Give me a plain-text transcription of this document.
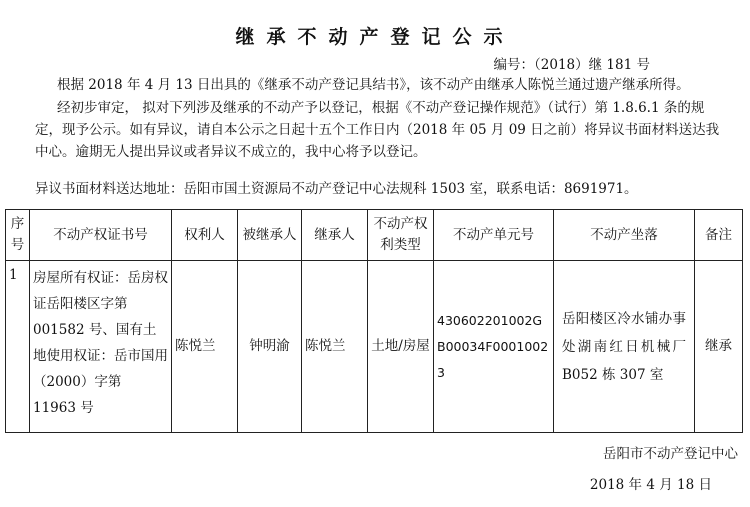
继承不动产登记公示
编号：（2018）继 181 号
根据 2018 年 4 月 13 日出具的《继承不动产登记具结书》，该不动产由继承人陈悦兰通过遗产继承所得。
经初步审定， 拟对下列涉及继承的不动产予以登记，根据《不动产登记操作规范》（试行）第 1.8.6.1 条的规定，现予公示。如有异议，请自本公示之日起十五个工作日内（2018 年 05 月 09 日之前）将异议书面材料送达我中心。逾期无人提出异议或者异议不成立的，我中心将予以登记。
异议书面材料送达地址：岳阳市国土资源局不动产登记中心法规科 1503 室，联系电话：8691971。
序号	不动产权证书号	权利人	被继承人	继承人	不动产权利类型	不动产单元号	不动产坐落	备注
1	房屋所有权证：岳房权证岳阳楼区字第 001582 号、国有土地使用权证：岳市国用（2000）字第 11963 号	陈悦兰	钟明渝	陈悦兰	土地/房屋	430602201002GB00034F00010023	岳阳楼区冷水铺办事处湖南红日机械厂 B052 栋 307 室	继承
岳阳市不动产登记中心
2018 年 4 月 18 日
